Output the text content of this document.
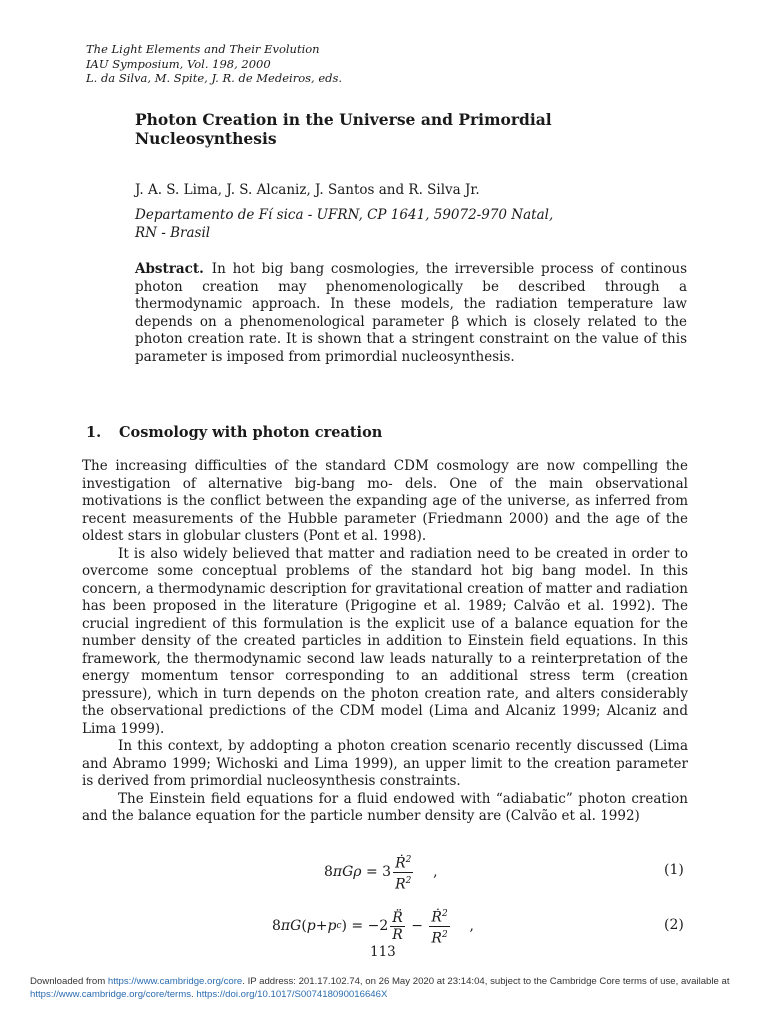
The Light Elements and Their Evolution
IAU Symposium, Vol. 198, 2000
L. da Silva, M. Spite, J. R. de Medeiros, eds.
Photon Creation in the Universe and Primordial
Nucleosynthesis
J. A. S. Lima, J. S. Alcaniz, J. Santos and R. Silva Jr.
Departamento de Fí sica - UFRN, CP 1641, 59072-970 Natal,
RN - Brasil
Abstract. In hot big bang cosmologies, the irreversible process of continous photon creation may phenomenologically be described through a thermodynamic approach. In these models, the radiation temperature law depends on a phenomenological parameter β which is closely related to the photon creation rate. It is shown that a stringent constraint on the value of this parameter is imposed from primordial nucleosynthesis.
1. Cosmology with photon creation

The increasing difficulties of the standard CDM cosmology are now compelling the investigation of alternative big-bang mo- dels. One of the main observational motivations is the conflict between the expanding age of the universe, as inferred from recent measurements of the Hubble parameter (Friedmann 2000) and the age of the oldest stars in globular clusters (Pont et al. 1998).

It is also widely believed that matter and radiation need to be created in order to overcome some conceptual problems of the standard hot big bang model. In this concern, a thermodynamic description for gravitational creation of matter and radiation has been proposed in the literature (Prigogine et al. 1989; Calvão et al. 1992). The crucial ingredient of this formulation is the explicit use of a balance equation for the number density of the created particles in addition to Einstein field equations. In this framework, the thermodynamic second law leads naturally to a reinterpretation of the energy momentum tensor corresponding to an additional stress term (creation pressure), which in turn depends on the photon creation rate, and alters considerably the observational predictions of the CDM model (Lima and Alcaniz 1999; Alcaniz and Lima 1999).

In this context, by addopting a photon creation scenario recently discussed (Lima and Abramo 1999; Wichoski and Lima 1999), an upper limit to the creation parameter is derived from primordial nucleosynthesis constraints.

The Einstein field equations for a fluid endowed with “adiabatic” photon creation and the balance equation for the particle number density are (Calvão et al. 1992)

8 $\pi G\rho = 3 \frac{Ṙ^2}{R^2}$ ,	(1)
8 πG ( p + p c ) = $-2 \frac{R̈}{R} - \frac{Ṙ^2}{R^2}$ ,	(2)
113
Downloaded from https://www.cambridge.org/core. IP address: 201.17.102.74, on 26 May 2020 at 23:14:04, subject to the Cambridge Core terms of use, available at https://www.cambridge.org/core/terms. https://doi.org/10.1017/S007418090016646X
